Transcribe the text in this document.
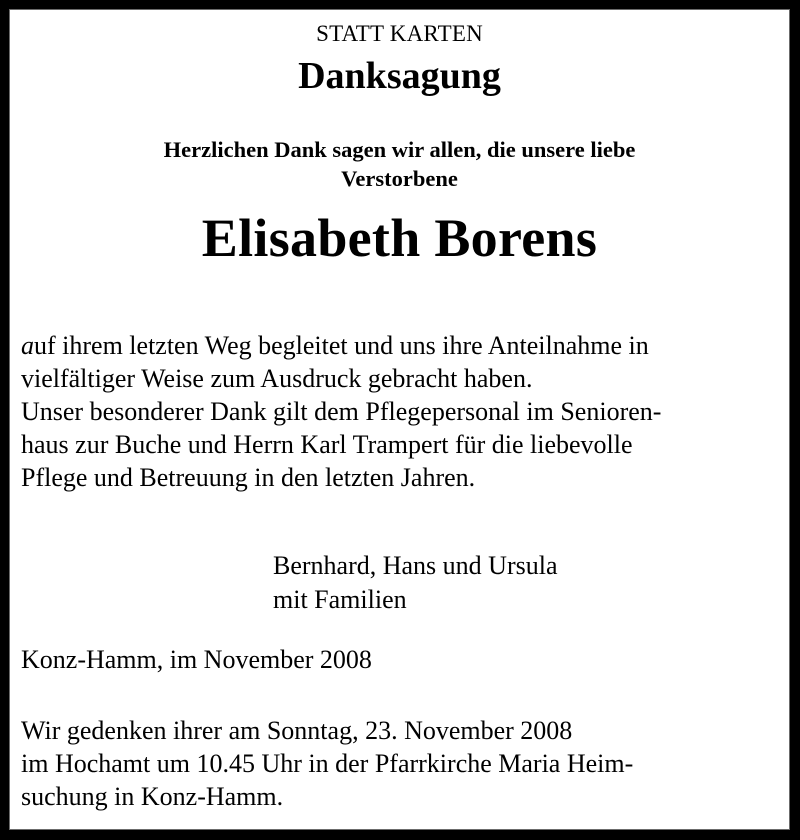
STATT KARTEN
Danksagung
Herzlichen Dank sagen wir allen, die unsere liebe
Verstorbene
Elisabeth Borens
auf ihrem letzten Weg begleitet und uns ihre Anteilnahme in
vielfältiger Weise zum Ausdruck gebracht haben.
Unser besonderer Dank gilt dem Pflegepersonal im Senioren-
haus zur Buche und Herrn Karl Trampert für die liebevolle
Pflege und Betreuung in den letzten Jahren.
Bernhard, Hans und Ursula
mit Familien
Konz-Hamm, im November 2008
Wir gedenken ihrer am Sonntag, 23. November 2008
im Hochamt um 10.45 Uhr in der Pfarrkirche Maria Heim-
suchung in Konz-Hamm.
